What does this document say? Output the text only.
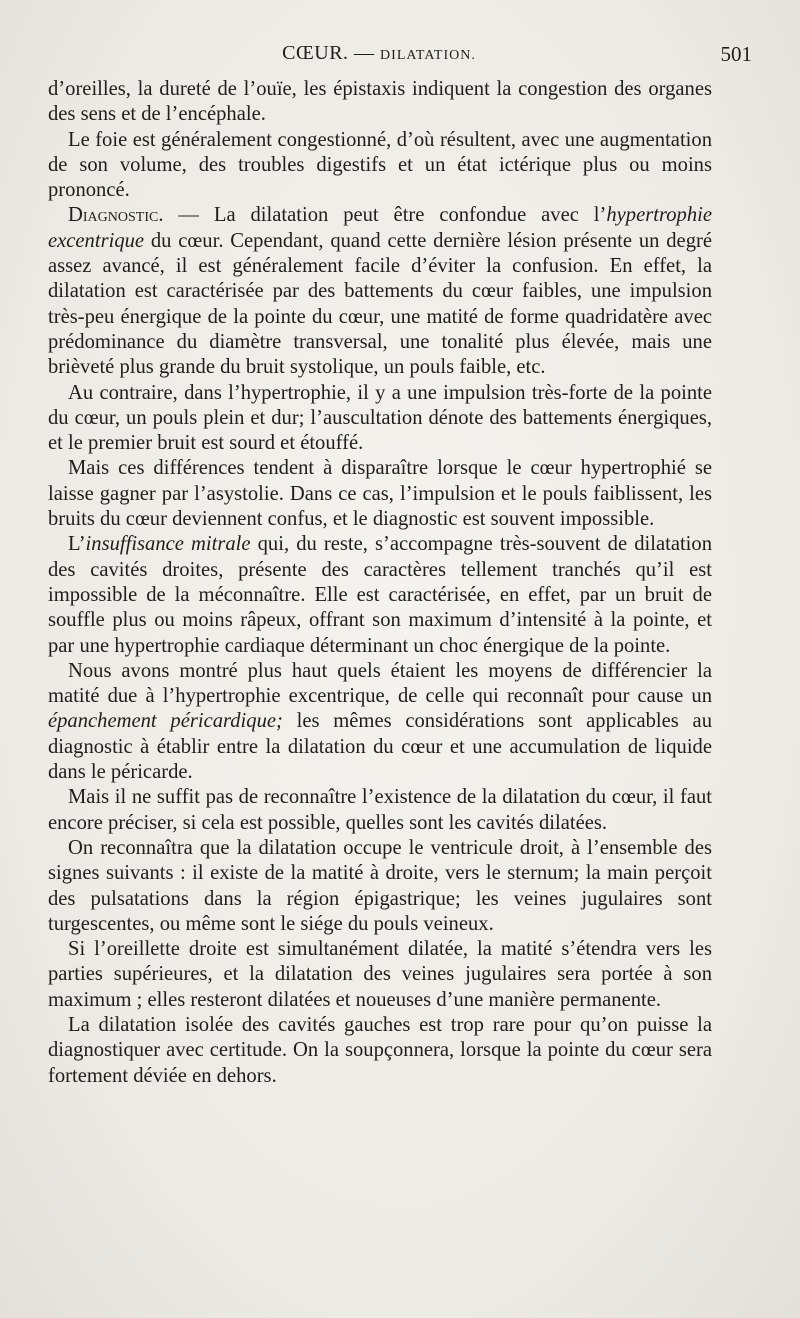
CŒUR. — DILATATION.	501

d’oreilles, la dureté de l’ouïe, les épistaxis indiquent la congestion des organes des sens et de l’encéphale.

Le foie est généralement congestionné, d’où résultent, avec une augmentation de son volume, des troubles digestifs et un état ictérique plus ou moins prononcé.

Diagnostic. — La dilatation peut être confondue avec l’hypertrophie excentrique du cœur. Cependant, quand cette dernière lésion présente un degré assez avancé, il est généralement facile d’éviter la confusion. En effet, la dilatation est caractérisée par des battements du cœur faibles, une impulsion très-peu énergique de la pointe du cœur, une matité de forme quadridatère avec prédominance du diamètre transversal, une tonalité plus élevée, mais une brièveté plus grande du bruit systolique, un pouls faible, etc.

Au contraire, dans l’hypertrophie, il y a une impulsion très-forte de la pointe du cœur, un pouls plein et dur; l’auscultation dénote des battements énergiques, et le premier bruit est sourd et étouffé.

Mais ces différences tendent à disparaître lorsque le cœur hypertrophié se laisse gagner par l’asystolie. Dans ce cas, l’impulsion et le pouls faiblissent, les bruits du cœur deviennent confus, et le diagnostic est souvent impossible.

L’insuffisance mitrale qui, du reste, s’accompagne très-souvent de dilatation des cavités droites, présente des caractères tellement tranchés qu’il est impossible de la méconnaître. Elle est caractérisée, en effet, par un bruit de souffle plus ou moins râpeux, offrant son maximum d’intensité à la pointe, et par une hypertrophie cardiaque déterminant un choc énergique de la pointe.

Nous avons montré plus haut quels étaient les moyens de différencier la matité due à l’hypertrophie excentrique, de celle qui reconnaît pour cause un épanchement péricardique; les mêmes considérations sont applicables au diagnostic à établir entre la dilatation du cœur et une accumulation de liquide dans le péricarde.

Mais il ne suffit pas de reconnaître l’existence de la dilatation du cœur, il faut encore préciser, si cela est possible, quelles sont les cavités dilatées.

On reconnaîtra que la dilatation occupe le ventricule droit, à l’ensemble des signes suivants : il existe de la matité à droite, vers le sternum; la main perçoit des pulsatations dans la région épigastrique; les veines jugulaires sont turgescentes, ou même sont le siége du pouls veineux.

Si l’oreillette droite est simultanément dilatée, la matité s’étendra vers les parties supérieures, et la dilatation des veines jugulaires sera portée à son maximum ; elles resteront dilatées et noueuses d’une manière permanente.

La dilatation isolée des cavités gauches est trop rare pour qu’on puisse la diagnostiquer avec certitude. On la soupçonnera, lorsque la pointe du cœur sera fortement déviée en dehors.
